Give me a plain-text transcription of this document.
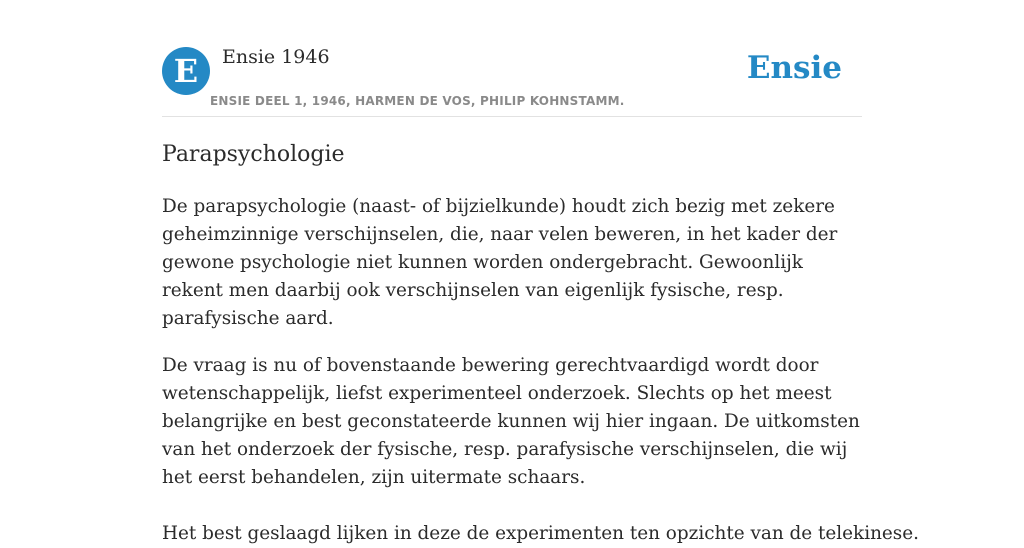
E	Ensie 1946
ENSIE DEEL 1, 1946, HARMEN DE VOS, PHILIP KOHNSTAMM.
Ensie
Parapsychologie

De parapsychologie (naast- of bijzielkunde) houdt zich bezig met zekere geheimzinnige verschijnselen, die, naar velen beweren, in het kader der gewone psychologie niet kunnen worden ondergebracht. Gewoonlijk rekent men daarbij ook verschijnselen van eigenlijk fysische, resp. parafysische aard.

De vraag is nu of bovenstaande bewering gerechtvaardigd wordt door wetenschappelijk, liefst experimenteel onderzoek. Slechts op het meest belangrijke en best geconstateerde kunnen wij hier ingaan. De uitkomsten van het onderzoek der fysische, resp. parafysische verschijnselen, die wij het eerst behandelen, zijn uitermate schaars.

Het best geslaagd lijken in deze de experimenten ten opzichte van de telekinese.
